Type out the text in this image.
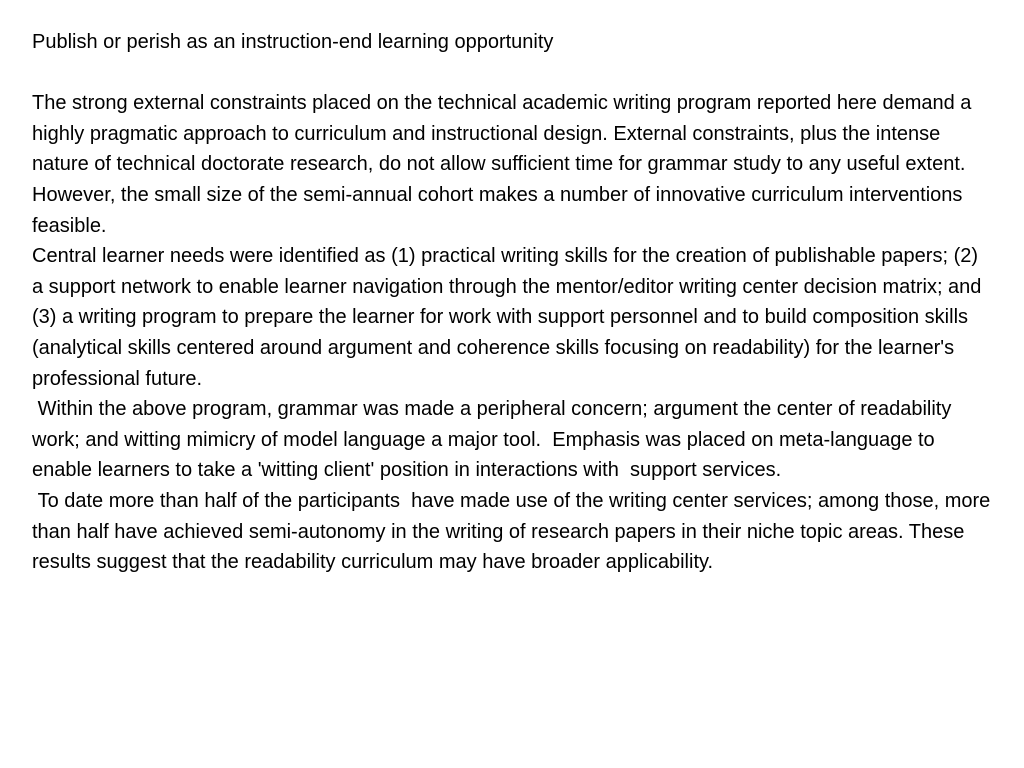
Publish or perish as an instruction-end learning opportunity

The strong external constraints placed on the technical academic writing program reported here demand a highly pragmatic approach to curriculum and instructional design. External constraints, plus the intense nature of technical doctorate research, do not allow sufficient time for grammar study to any useful extent. However, the small size of the semi-annual cohort makes a number of innovative curriculum interventions feasible.

Central learner needs were identified as (1) practical writing skills for the creation of publishable papers; (2) a support network to enable learner navigation through the mentor/editor writing center decision matrix; and (3) a writing program to prepare the learner for work with support personnel and to build composition skills (analytical skills centered around argument and coherence skills focusing on readability) for the learner's professional future.

Within the above program, grammar was made a peripheral concern; argument the center of readability work; and witting mimicry of model language a major tool.  Emphasis was placed on meta-language to enable learners to take a 'witting client' position in interactions with  support services.

To date more than half of the participants  have made use of the writing center services; among those, more than half have achieved semi-autonomy in the writing of research papers in their niche topic areas. These results suggest that the readability curriculum may have broader applicability.
